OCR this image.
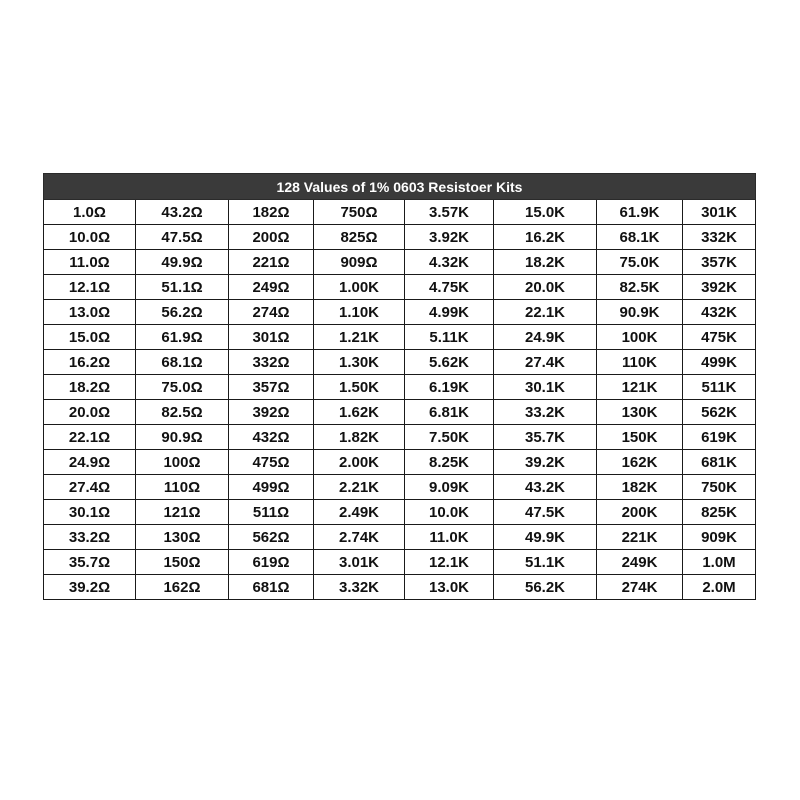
128 Values of 1% 0603 Resistoer Kits							
1.0Ω	43.2Ω	182Ω	750Ω	3.57K	15.0K	61.9K	301K
10.0Ω	47.5Ω	200Ω	825Ω	3.92K	16.2K	68.1K	332K
11.0Ω	49.9Ω	221Ω	909Ω	4.32K	18.2K	75.0K	357K
12.1Ω	51.1Ω	249Ω	1.00K	4.75K	20.0K	82.5K	392K
13.0Ω	56.2Ω	274Ω	1.10K	4.99K	22.1K	90.9K	432K
15.0Ω	61.9Ω	301Ω	1.21K	5.11K	24.9K	100K	475K
16.2Ω	68.1Ω	332Ω	1.30K	5.62K	27.4K	110K	499K
18.2Ω	75.0Ω	357Ω	1.50K	6.19K	30.1K	121K	511K
20.0Ω	82.5Ω	392Ω	1.62K	6.81K	33.2K	130K	562K
22.1Ω	90.9Ω	432Ω	1.82K	7.50K	35.7K	150K	619K
24.9Ω	100Ω	475Ω	2.00K	8.25K	39.2K	162K	681K
27.4Ω	110Ω	499Ω	2.21K	9.09K	43.2K	182K	750K
30.1Ω	121Ω	511Ω	2.49K	10.0K	47.5K	200K	825K
33.2Ω	130Ω	562Ω	2.74K	11.0K	49.9K	221K	909K
35.7Ω	150Ω	619Ω	3.01K	12.1K	51.1K	249K	1.0M
39.2Ω	162Ω	681Ω	3.32K	13.0K	56.2K	274K	2.0M
